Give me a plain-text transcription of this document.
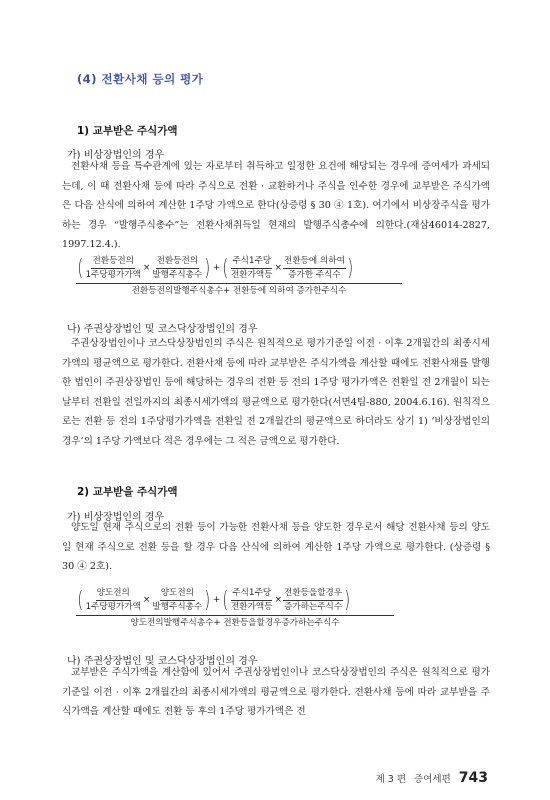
(4) 전환사채 등의 평가
1) 교부받은 주식가액
가) 비상장법인의 경우

전환사채 등을 특수관계에 있는 자로부터 취득하고 일정한 요건에 해당되는 경우에 증여세가 과세되는데, 이 때 전환사채 등에 따라 주식으로 전환 · 교환하거나 주식을 인수한 경우에 교부받은 주식가액은 다음 산식에 의하여 계산한 1주당 가액으로 한다(상증령 § 30 ④ 1호). 여기에서 비상장주식을 평가하는 경우 “발행주식총수”는 전환사채취득일 현재의 발행주식총수에 의한다.(재삼46014-2827, 1997.12.4.).

( $\frac{\text{전환등전의}}{\text{1주당평가가액}} \times \frac{\text{전환등전의}}{\text{발행주식총수}}$ ) + ( $\frac{\text{주식1주당}}{\text{전환가액등}} \times \frac{\text{전환등에 의하여}}{\text{증가한 주식수}}$ )
전환등전의발행주식총수+ 전환등에 의하여 증가한주식수
나) 주권상장법인 및 코스닥상장법인의 경우

주권상장법인이나 코스닥상장법인의 주식은 원칙적으로 평가기준일 이전 · 이후 2개월간의 최종시세가액의 평균액으로 평가한다. 전환사채 등에 따라 교부받은 주식가액을 계산할 때에도 전환사채를 발행한 법인이 주권상장법인 등에 해당하는 경우의 전환 등 전의 1주당 평가가액은 전환일 전 2개월이 되는 날부터 전환일 전일까지의 최종시세가액의 평균액으로 평가한다(서면4팀-880, 2004.6.16). 원칙적으로는 전환 등 전의 1주당평가가액을 전환일 전 2개월간의 평균액으로 하더라도 상기 1) ‘비상장법인의 경우’의 1주당 가액보다 적은 경우에는 그 적은 금액으로 평가한다.

2) 교부받을 주식가액
가) 비상장법인의 경우

양도일 현재 주식으로의 전환 등이 가능한 전환사채 등을 양도한 경우로서 해당 전환사채 등의 양도일 현재 주식으로 전환 등을 할 경우 다음 산식에 의하여 계산한 1주당 가액으로 평가한다. (상증령 § 30 ④ 2호).

( $\frac{\text{양도전의}}{\text{1주당평가가액}} \times \frac{\text{양도전의}}{\text{발행주식총수}}$ ) + ( $\frac{\text{주식1주당}}{\text{전환가액등}} \times \frac{\text{전환등을할경우}}{\text{증가하는주식수}}$ )
양도전의발행주식총수+ 전환등을할경우증가하는주식수
나) 주권상장법인 및 코스닥상장법인의 경우

교부받은 주식가액을 계산함에 있어서 주권상장법인이나 코스닥상장법인의 주식은 원칙적으로 평가기준일 이전 · 이후 2개월간의 최종시세가액의 평균액으로 평가한다. 전환사채 등에 따라 교부받을 주식가액을 계산할 때에도 전환 등 후의 1주당 평가가액은 전

제 3 편 증여세편 743
